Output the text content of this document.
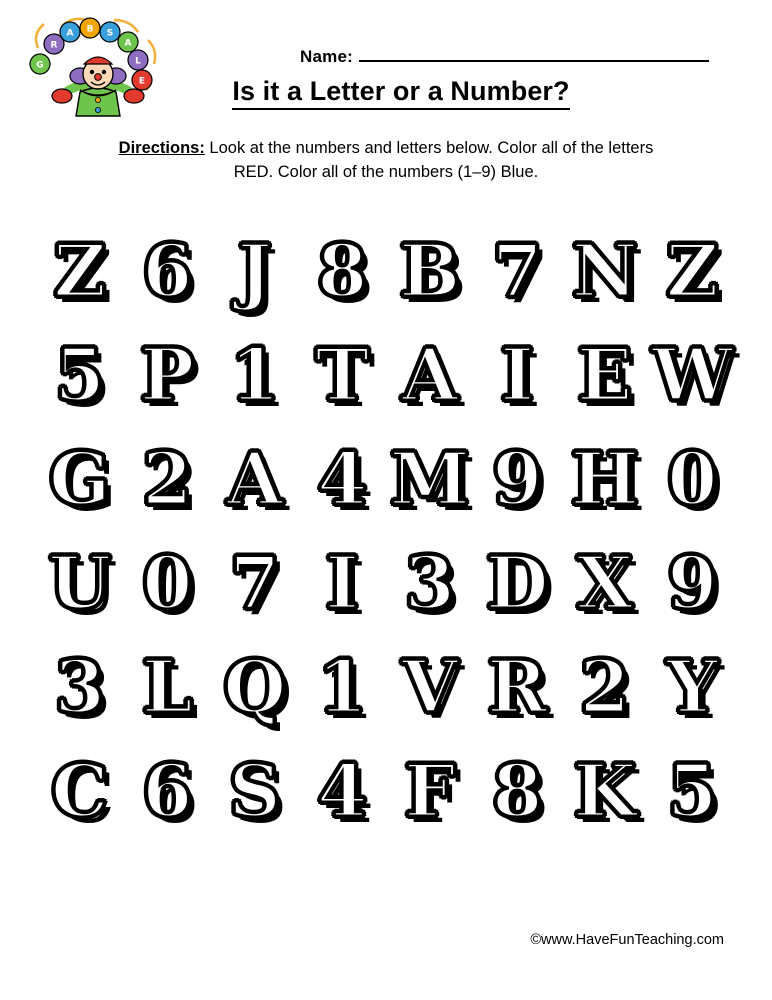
G
R
A B S
A
L
E
Name:
Is it a Letter or a Number?
Directions: Look at the numbers and letters below. Color all of the letters
RED. Color all of the numbers (1–9) Blue.
Z 6 J 8 B 7 N Z
5 P 1 T A I E W
G 2 A 4 M 9 H 0
U 0 7 I 3 D X 9
3 L Q 1 V R 2 Y
C 6 S 4 F 8 K 5
©www.HaveFunTeaching.com
